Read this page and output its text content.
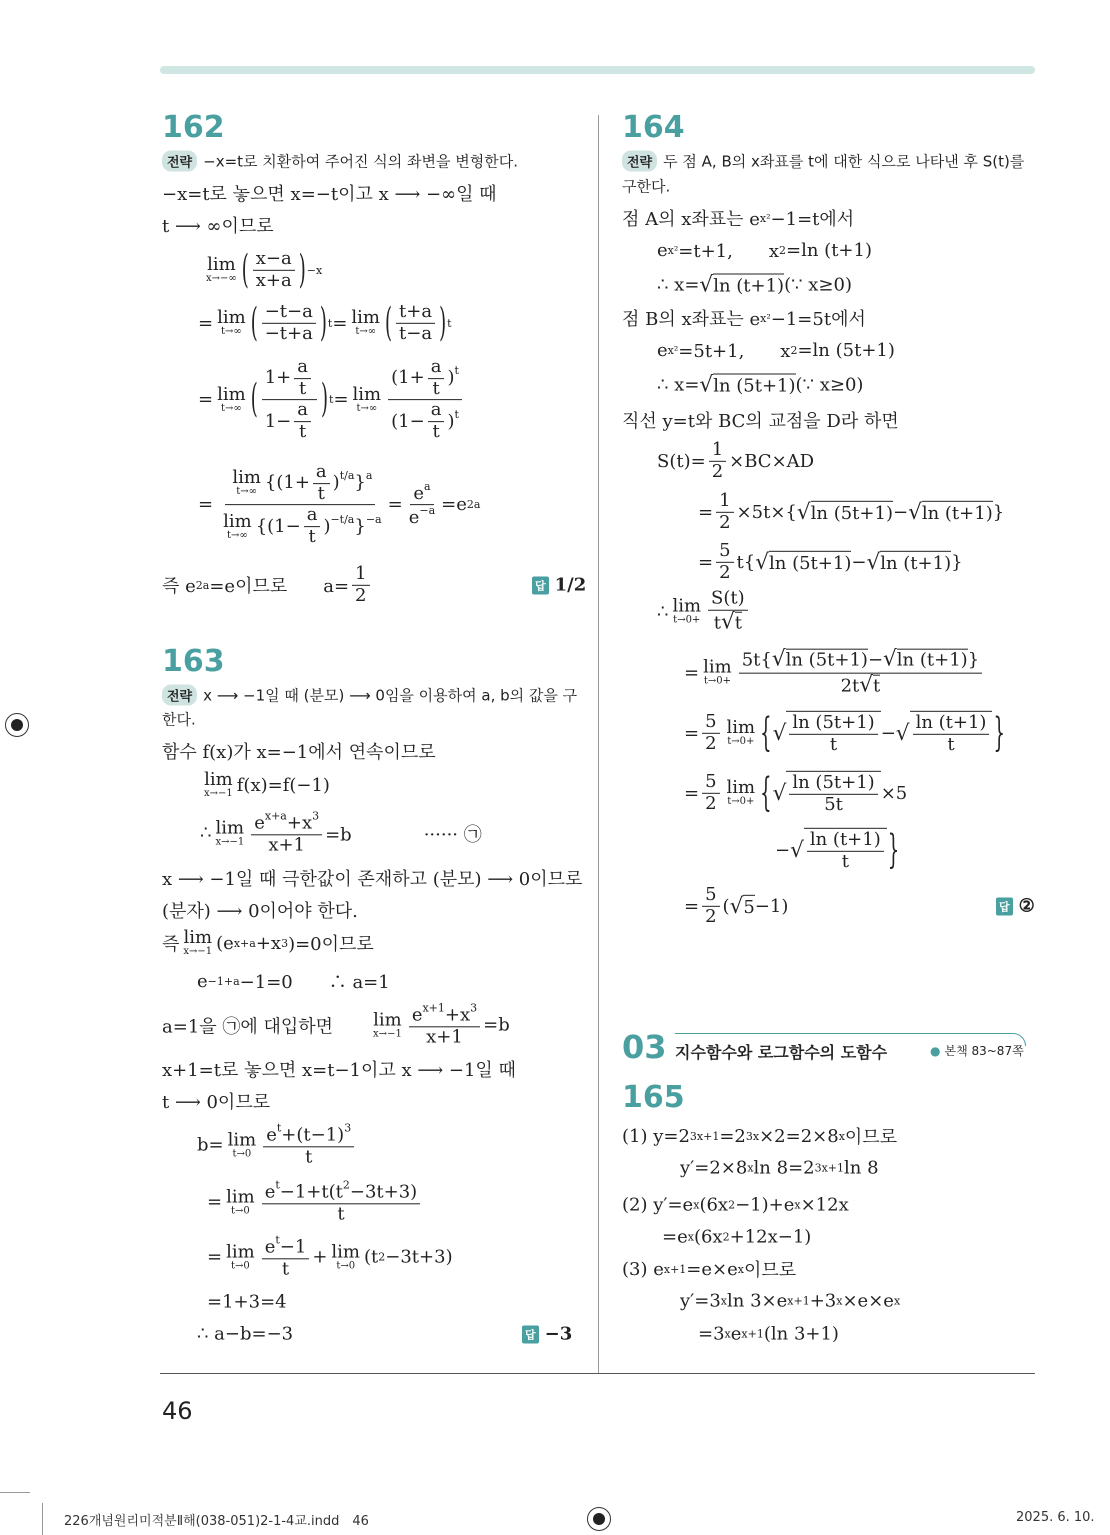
162
전략 −x=t로 치환하여 주어진 식의 좌변을 변형한다.
−x=t로 놓으면 x=−t이고 x ⟶ −∞일 때
t ⟶ ∞이므로
lim
x→−∞ ( $\frac{x-a}{x+a}$ ) −x
= lim
t→∞ ( $\frac{-t-a}{-t+a}$ ) t = lim
t→∞ ( $\frac{t+a}{t-a}$ ) t
= lim
t→∞ ( $\frac{1+ \frac{a}{t}}{1- \frac{a}{t}}$ ) t = lim
$t\to\infty \frac{(1+ \frac{a}{t} )^t}{(1- \frac{a}{t} )^t}$
= lim
t→∞ $\{(1+ \frac{a}{t} )^{t/a}\}^a$
lim
t→∞ $\{(1- \frac{a}{t} )^{-t/a}\}^{-a} = \frac{e^a}{e^{-a}} =e$ 2a
즉 e 2a =e이므로　　$a= \frac{1}{2}$	답 1/2
163
전략 x ⟶ −1일 때 (분모) ⟶ 0임을 이용하여 a, b의 값을 구
한다.
함수 f(x)가 x=−1에서 연속이므로
lim
x→−1 f(x)=f(−1)
∴ lim
$x\to-1 \frac{e^{x+a}+x^3}{x+1} =b$　　　　······ ㉠
x ⟶ −1일 때 극한값이 존재하고 (분모) ⟶ 0이므로
(분자) ⟶ 0이어야 한다.
즉 lim
x→−1 (e x+a +x 3 )=0이므로
e −1+a −1=0　　∴ a=1
a=1을 ㉠에 대입하면　　 lim
$x\to-1 \frac{e^{x+1}+x^3}{x+1} =b$
x+1=t로 놓으면 x=t−1이고 x ⟶ −1일 때
t ⟶ 0이므로
b= lim
$t\to 0 \frac{e^t+(t-1)^3}{t}$
= lim
$t\to 0 \frac{e^t-1+t(t^2-3t+3)}{t}$
= lim
$t\to 0 \frac{e^t-1}{t} + \lim$
t→0 (t 2 −3t+3)
=1+3=4
∴ a−b=−3	답 −3
164
전략 두 점 A, B의 x좌표를 t에 대한 식으로 나타낸 후 S(t)를
구한다.
점 A의 x좌표는 e x² −1=t에서
e x² =t+1,　　x 2 =ln (t+1)
∴ x= √ ln (t+1) (∵ x≥0)
점 B의 x좌표는 e x² −1=5t에서
e x² =5t+1,　　x 2 =ln (5t+1)
∴ x= √ ln (5t+1) (∵ x≥0)
직선 y=t와 BC의 교점을 D라 하면
$S(t)= \frac{1}{2} \times BC\times AD$
= $\frac{1}{2} \times 5t\times${ √ ln (5t+1) − √ ln (t+1) }
= $\frac{5}{2} t${ √ ln (5t+1) − √ ln (t+1) }
∴ lim
$t\to 0+ \frac{S(t)}{t √ t}$
= lim
$t\to 0+ \frac{5t\{ √ \ln (5t+1) - √ \ln (t+1) \}}{2t √ t}$
= $\frac{5}{2}$ lim
t→0+ { √ $\frac{\ln (5t+1)}{t}$ − √ $\frac{\ln (t+1)}{t}$ }
= $\frac{5}{2}$ lim
t→0+ { √ $\frac{\ln (5t+1)}{5t} \times 5$
− √ $\frac{\ln (t+1)}{t}$ }
= $\frac{5}{2}$ ( √ 5 −1)	답 ②
03 지수함수와 로그함수의 도함수	● 본책 83~87쪽
165
(1) y=2 3x+1 =2 3x ×2=2×8 x 이므로
y′=2×8 x ln 8=2 3x+1 ln 8
(2) y′=e x (6x 2 −1)+e x ×12x
=e x (6x 2 +12x−1)
(3) e x+1 =e×e x 이므로
y′=3 x ln 3×e x+1 +3 x ×e×e x
=3 x e x+1 (ln 3+1)
46
226개념원리미적분Ⅱ해(038-051)2-1-4교.indd　46	2025. 6. 10.
